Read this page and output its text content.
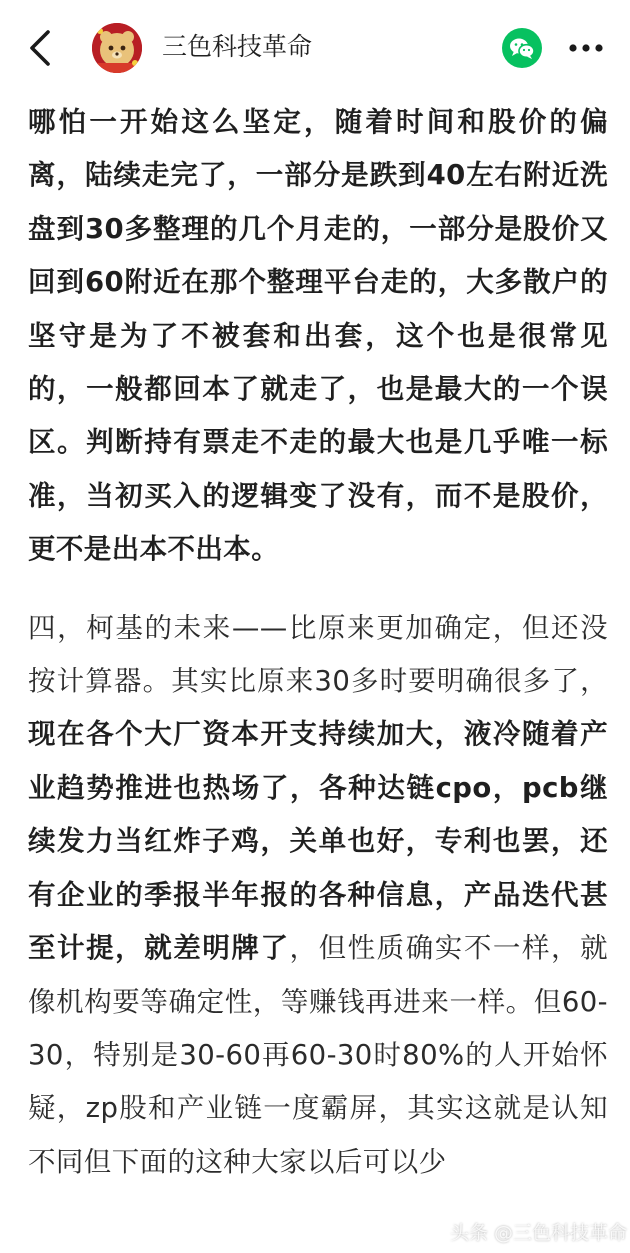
三色科技革命

哪怕一开始这么坚定，随着时间和股价的偏离，陆续走完了，一部分是跌到40左右附近洗盘到30多整理的几个月走的，一部分是股价又回到60附近在那个整理平台走的，大多散户的坚守是为了不被套和出套，这个也是很常见的，一般都回本了就走了，也是最大的一个误区。判断持有票走不走的最大也是几乎唯一标准，当初买入的逻辑变了没有，而不是股价，更不是出本不出本。

四，柯基的未来——比原来更加确定，但还没按计算器。其实比原来30多时要明确很多了，现在各个大厂资本开支持续加大，液冷随着产业趋势推进也热场了，各种达链cpo，pcb继续发力当红炸子鸡，关单也好，专利也罢，还有企业的季报半年报的各种信息，产品迭代甚至计提，就差明牌了，但性质确实不一样，就像机构要等确定性，等赚钱再进来一样。但60-30，特别是30-60再60-30时80%的人开始怀疑，zp股和产业链一度霸屏，其实这就是认知不同但下面的这种大家以后可以少

头条 @三色科技革命
